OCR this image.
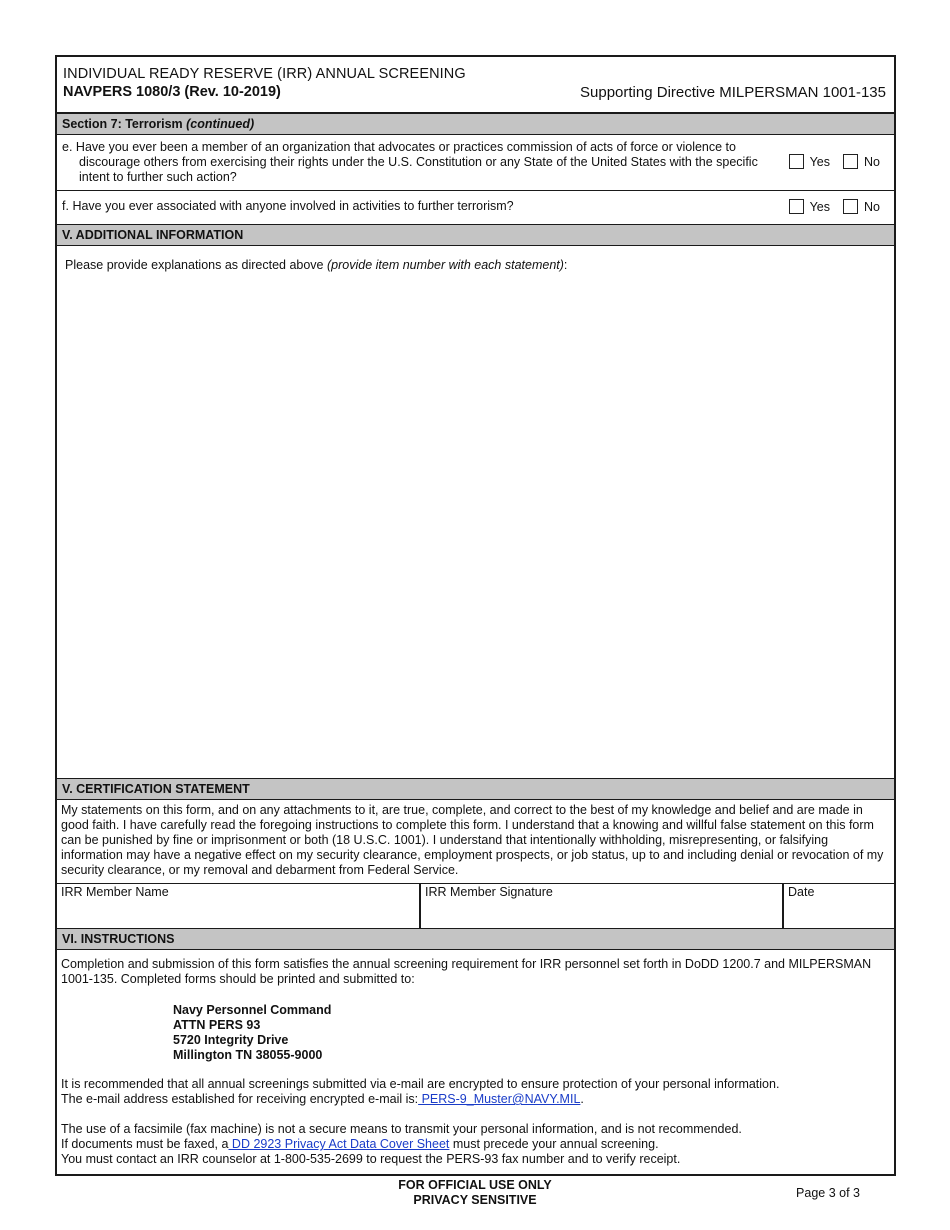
INDIVIDUAL READY RESERVE (IRR) ANNUAL SCREENING
NAVPERS 1080/3 (Rev. 10-2019)	Supporting Directive MILPERSMAN 1001-135
Section 7: Terrorism (continued)
e. Have you ever been a member of an organization that advocates or practices commission of acts of force or violence to
discourage others from exercising their rights under the U.S. Constitution or any State of the United States with the specific
intent to further such action?
Yes	No
f. Have you ever associated with anyone involved in activities to further terrorism?	Yes	No
V. ADDITIONAL INFORMATION
Please provide explanations as directed above (provide item number with each statement):
V. CERTIFICATION STATEMENT
My statements on this form, and on any attachments to it, are true, complete, and correct to the best of my knowledge and belief and are made in good faith. I have carefully read the foregoing instructions to complete this form. I understand that a knowing and willful false statement on this form can be punished by fine or imprisonment or both (18 U.S.C. 1001). I understand that intentionally withholding, misrepresenting, or falsifying information may have a negative effect on my security clearance, employment prospects, or job status, up to and including denial or revocation of my security clearance, or my removal and debarment from Federal Service.
IRR Member Name	IRR Member Signature	Date
VI. INSTRUCTIONS
Completion and submission of this form satisfies the annual screening requirement for IRR personnel set forth in DoDD 1200.7 and MILPERSMAN 1001-135. Completed forms should be printed and submitted to:
Navy Personnel Command
ATTN PERS 93
5720 Integrity Drive
Millington TN 38055-9000
It is recommended that all annual screenings submitted via e-mail are encrypted to ensure protection of your personal information.
The e-mail address established for receiving encrypted e-mail is: PERS-9_Muster@NAVY.MIL.
The use of a facsimile (fax machine) is not a secure means to transmit your personal information, and is not recommended.
If documents must be faxed, a DD 2923 Privacy Act Data Cover Sheet must precede your annual screening.
You must contact an IRR counselor at 1-800-535-2699 to request the PERS-93 fax number and to verify receipt.
FOR OFFICIAL USE ONLY
PRIVACY SENSITIVE	Page 3 of 3
